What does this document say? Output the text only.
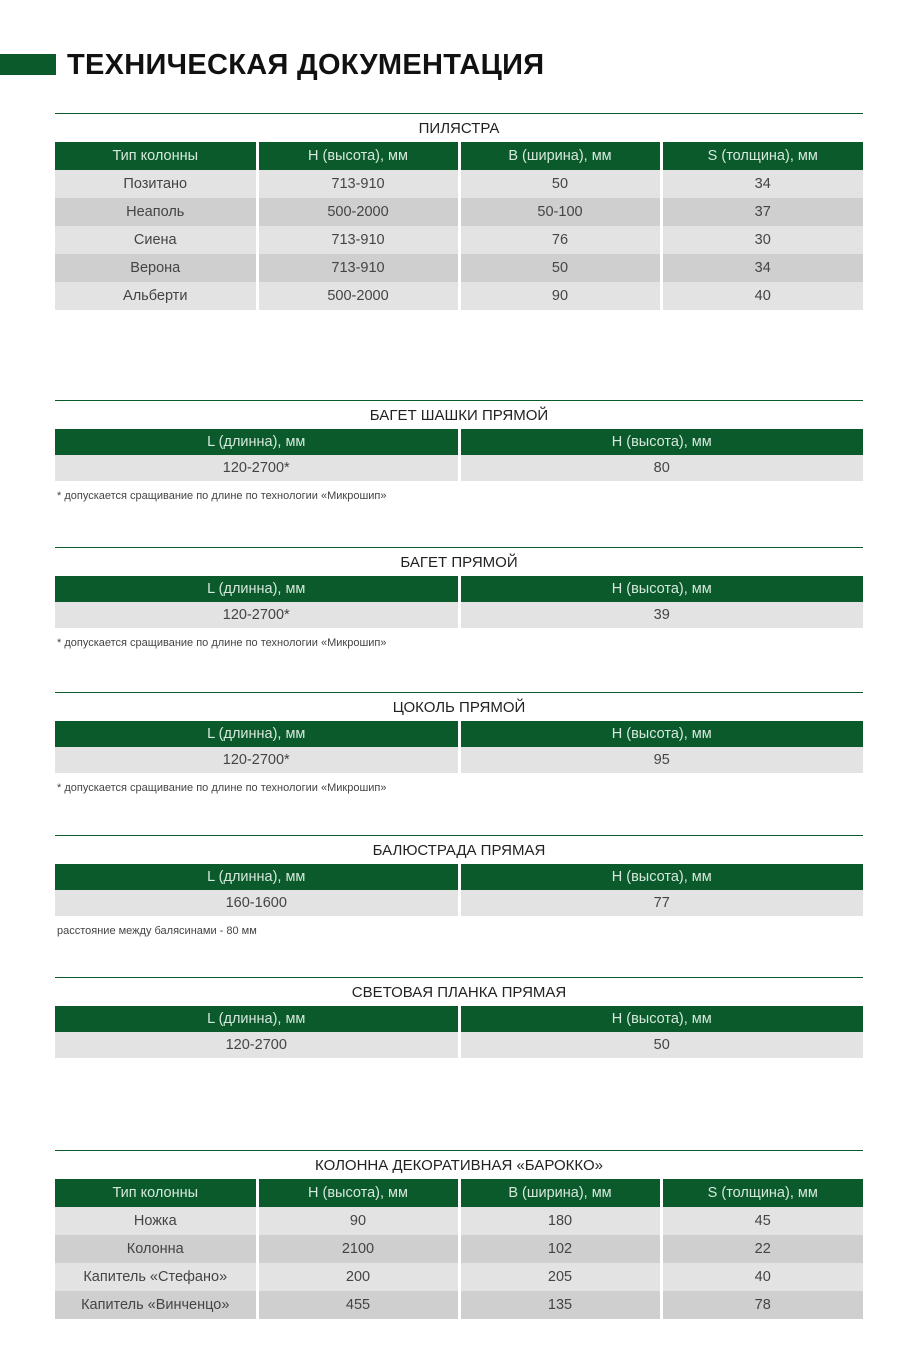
ТЕХНИЧЕСКАЯ ДОКУМЕНТАЦИЯ
ПИЛЯСТРА
Тип колонны	H (высота), мм	B (ширина), мм	S (толщина), мм
Позитано	713-910	50	34
Неаполь	500-2000	50-100	37
Сиена	713-910	76	30
Верона	713-910	50	34
Альберти	500-2000	90	40
БАГЕТ ШАШКИ ПРЯМОЙ
L (длинна), мм	H (высота), мм
120-2700*	80
* допускается сращивание по длине по технологии «Микрошип»
БАГЕТ ПРЯМОЙ
L (длинна), мм	H (высота), мм
120-2700*	39
* допускается сращивание по длине по технологии «Микрошип»
ЦОКОЛЬ ПРЯМОЙ
L (длинна), мм	H (высота), мм
120-2700*	95
* допускается сращивание по длине по технологии «Микрошип»
БАЛЮСТРАДА ПРЯМАЯ
L (длинна), мм	H (высота), мм
160-1600	77
расстояние между балясинами - 80 мм
СВЕТОВАЯ ПЛАНКА ПРЯМАЯ
L (длинна), мм	H (высота), мм
120-2700	50
КОЛОННА ДЕКОРАТИВНАЯ «БАРОККО»
Тип колонны	H (высота), мм	B (ширина), мм	S (толщина), мм
Ножка	90	180	45
Колонна	2100	102	22
Капитель «Стефано»	200	205	40
Капитель «Винченцо»	455	135	78
